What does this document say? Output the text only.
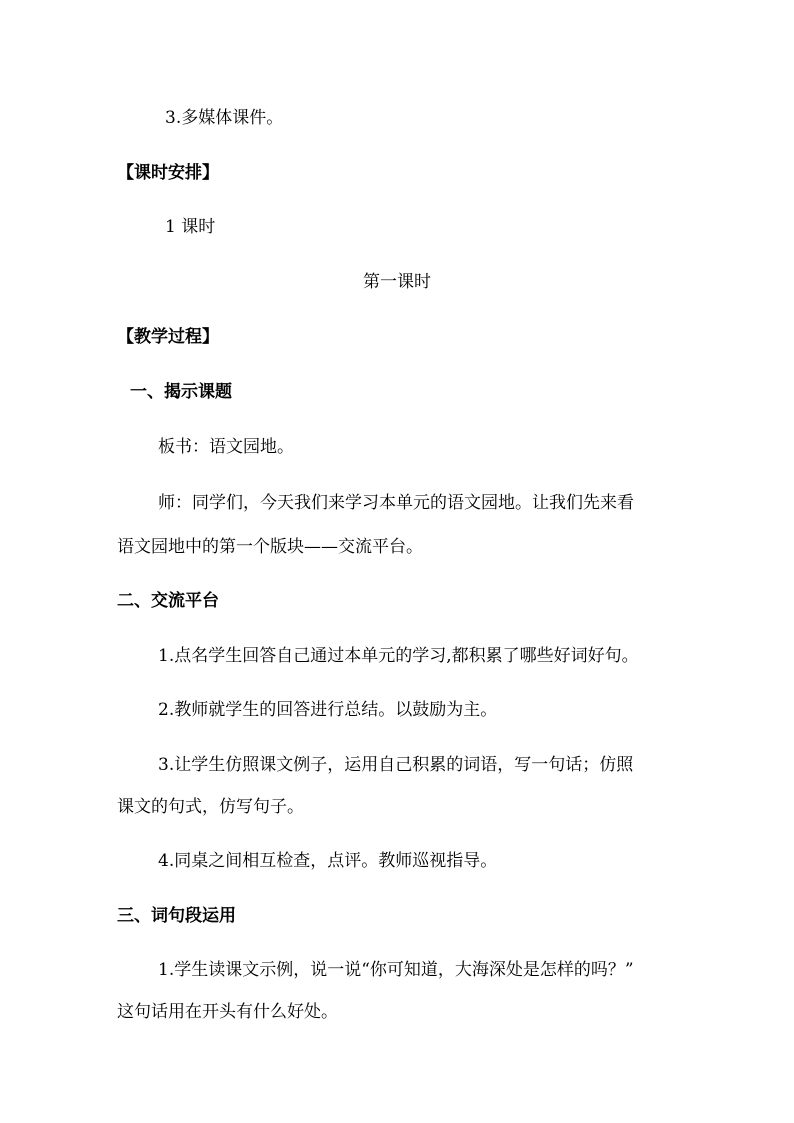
3.多媒体课件。
【课时安排】
1 课时
第一课时
【教学过程】
一、揭示课题
板书：语文园地。
师：同学们，今天我们来学习本单元的语文园地。让我们先来看
语文园地中的第一个版块——交流平台。
二、交流平台
1.点名学生回答自己通过本单元的学习,都积累了哪些好词好句。
2.教师就学生的回答进行总结。以鼓励为主。
3.让学生仿照课文例子，运用自己积累的词语，写一句话；仿照
课文的句式，仿写句子。
4.同桌之间相互检查，点评。教师巡视指导。
三、词句段运用
1.学生读课文示例，说一说“你可知道，大海深处是怎样的吗？”
这句话用在开头有什么好处。
